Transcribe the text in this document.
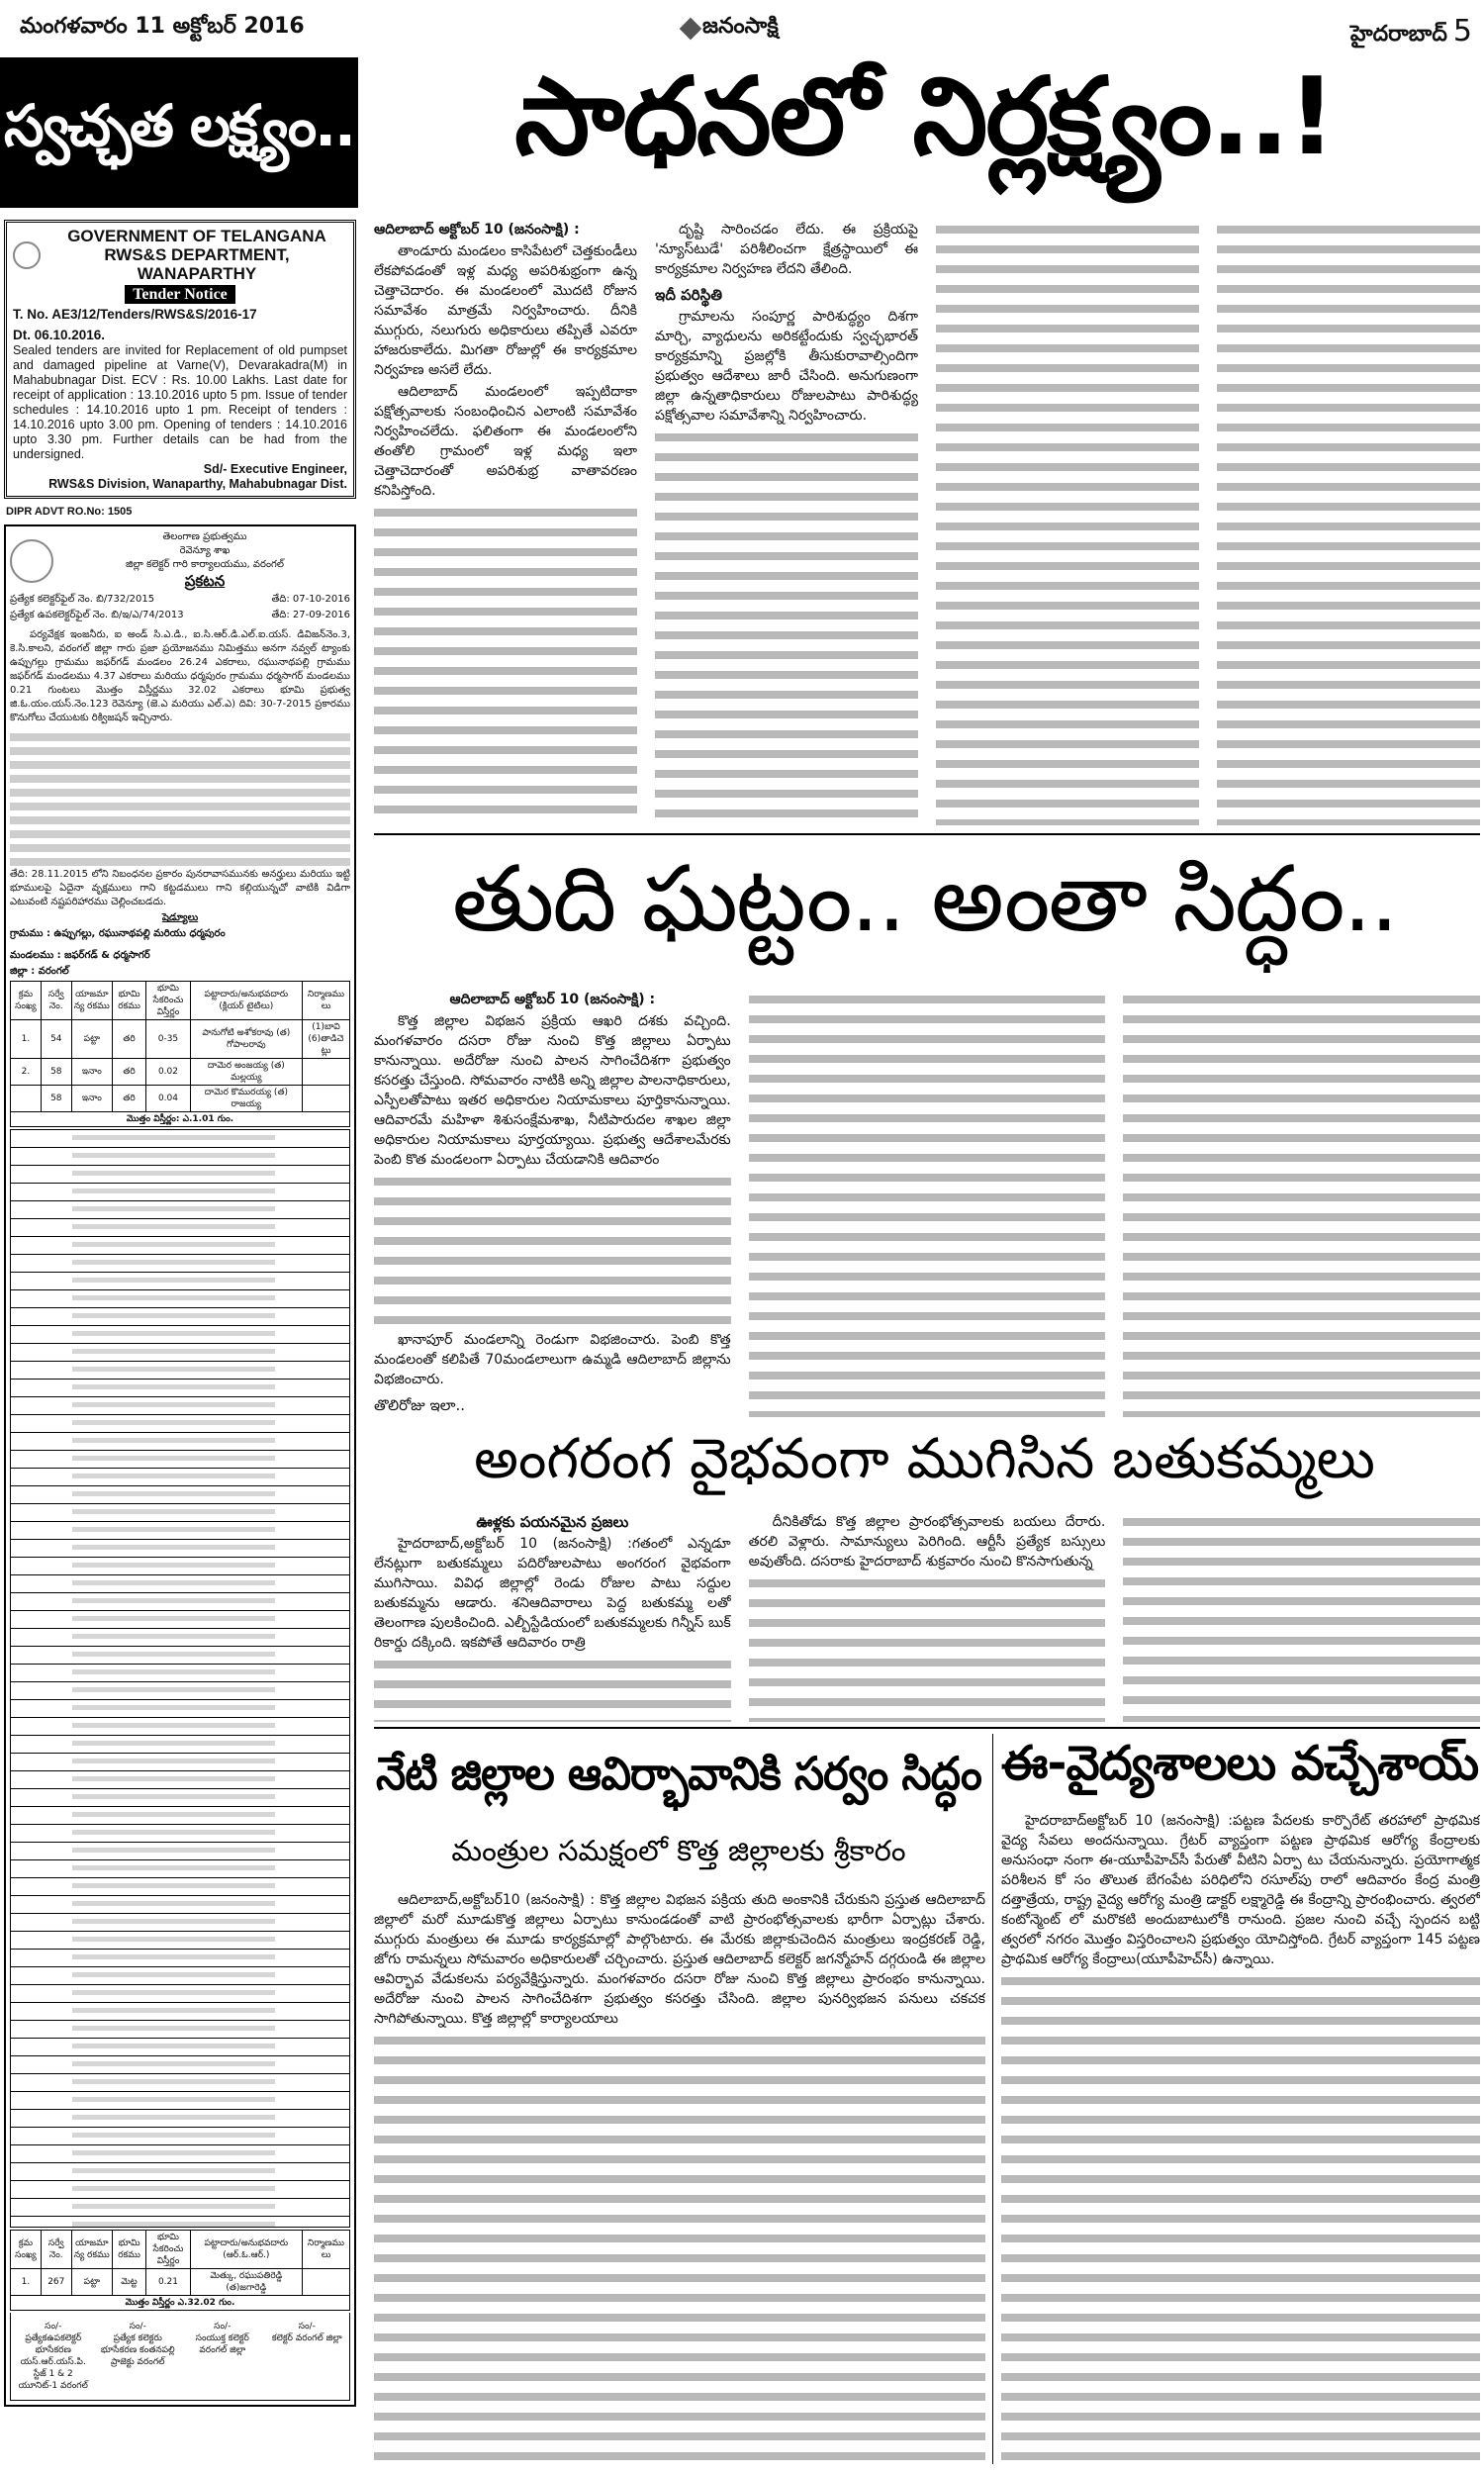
మంగళవారం 11 అక్టోబర్ 2016	జనంసాక్షి	హైదరాబాద్ 5
స్వచ్ఛత లక్ష్యం..
GOVERNMENT OF TELANGANA
RWS&S DEPARTMENT, WANAPARTHY
Tender Notice
T. No. AE3/12/Tenders/RWS&S/2016-17
Dt. 06.10.2016.
Sealed tenders are invited for Replacement of old pumpset and damaged pipeline at Varne(V), Devarakadra(M) in Mahabubnagar Dist. ECV : Rs. 10.00 Lakhs. Last date for receipt of application : 13.10.2016 upto 5 pm. Issue of tender schedules : 14.10.2016 upto 1 pm. Receipt of tenders : 14.10.2016 upto 3.00 pm. Opening of tenders : 14.10.2016 upto 3.30 pm. Further details can be had from the undersigned.
Sd/- Executive Engineer,
RWS&S Division, Wanaparthy, Mahabubnagar Dist.
DIPR ADVT RO.No: 1505
తెలంగాణ ప్రభుత్వము
రెవెన్యూ శాఖ
జిల్లా కలెక్టర్ గారి కార్యాలయము, వరంగల్
ప్రకటన
ప్రత్యేక కలెక్టర్‌ఫైల్ నెం. బి/732/2015	తేది: 07-10-2016
ప్రత్యేక ఉపకలెక్టర్‌ఫైల్ నెం. బి/ఇ/ఎ/74/2013	తేది: 27-09-2016

పర్యవేక్షక ఇంజనీరు, ఐ అండ్ సి.ఎ.డి., ఐ.సి.ఆర్.డి.ఎల్.ఐ.యస్. డివిజన్‌నెం.3, కె.సి.కాలని, వరంగల్ జిల్లా గారు ప్రజా ప్రయోజనము నిమిత్తము అనగా నవ్వల్ ట్యాంకు ఉప్పుగల్లు గ్రామము జఫర్‌గడ్ మండలం 26.24 ఎకరాలు, రఘునాథపల్లి గ్రామము జఫర్‌గడ్ మండలము 4.37 ఎకరాలు మరియు ధర్మపురం గ్రామము ధర్మసాగర్ మండలము 0.21 గుంటలు మొత్తం విస్తీర్ణము 32.02 ఎకరాలు భూమి ప్రభుత్వ జి.ఓ.యం.యస్.నెం.123 రెవెన్యూ (జె.ఎ మరియు ఎల్.ఎ) దివి: 30-7-2015 ప్రకారము కొనుగోలు చేయుటకు రిక్విజషన్ ఇచ్చినారు.

తేది: 28.11.2015 లోని నిబంధనల ప్రకారం పునరావాసమునకు అనర్హులు మరియు ఇట్టి భూములపై ఏదైనా వృక్షములు గాని కట్టడములు గాని కల్గియున్నచో వాటికి విడిగా ఎటువంటి నష్టపరిహారము చెల్లించబడదు.

షెడ్యూలు
గ్రామము : ఉప్పుగల్లు, రఘునాథపల్లి మరియు ధర్మపురం
మండలము : జఫర్‌గడ్ & ధర్మసాగర్
జిల్లా : వరంగల్
క్రమ సంఖ్య	సర్వే నెం.	యాజమాన్య రకము	భూమి రకము	భూమి సేకరించు విస్తీర్ణం	పట్టాదారు/అనుభవదారు (క్లియర్ టైటిలు)	నిర్మాణములు
1.	54	పట్టా	తరి	0-35	పానుగోటి అశోకరావు (త) గోపాలరావు	(1)బావి (6)తాడిచెట్లు
2.	58	ఇనాం	తరి	0.02	దామెర అంజయ్య (త) మల్లయ్య	
	58	ఇనాం	తరి	0.04	దామెర కొమురయ్య (త) రాజయ్య	
మొత్తం విస్తీర్ణం: ఎ.1.01 గుం.						
క్రమ సంఖ్య	సర్వే నెం.	యాజమాన్య రకము	భూమి రకము	భూమి సేకరించు విస్తీర్ణం	పట్టాదారు/అనుభవదారు (ఆర్.ఓ.ఆర్.)	నిర్మాణములు
1.	267	పట్టా	మెట్ట	0.21	మెత్కు, రఘుపతిరెడ్డి (త)జగారెడ్డి	
మొత్తం విస్తీర్ణం ఎ.32.02 గుం.						
సం/-
ప్రత్యేకఉపకలెక్టర్ భూసేకరణ యస్.ఆర్.యస్.పి. స్టేజ్ 1 & 2 యూనిట్-1 వరంగల్
సం/-
ప్రత్యేక కలెక్టరు భూసేకరణ కంతనపల్లి ప్రాజెక్టు వరంగల్
సం/-
సంయుక్త కలెక్టర్ వరంగల్ జిల్లా
సం/-
కలెక్టర్ వరంగల్ జిల్లా
సాధనలో నిర్లక్ష్యం..!

ఆదిలాబాద్ అక్టోబర్ 10 (జనంసాక్షి) :

తాండూరు మండలం కాసిపేటలో చెత్తకుండీలు లేకపోవడంతో ఇళ్ల మధ్య అపరిశుభ్రంగా ఉన్న చెత్తాచెదారం. ఈ మండలంలో మొదటి రోజున సమావేశం మాత్రమే నిర్వహించారు. దీనికి ముగ్గురు, నలుగురు అధికారులు తప్పితే ఎవరూ హాజరుకాలేదు. మిగతా రోజుల్లో ఈ కార్యక్రమాల నిర్వహణ అసలే లేదు.

ఆదిలాబాద్ మండలంలో ఇప్పటిదాకా పక్షోత్సవాలకు సంబంధించిన ఎలాంటి సమావేశం నిర్వహించలేదు. ఫలితంగా ఈ మండలంలోని తంతోలి గ్రామంలో ఇళ్ల మధ్య ఇలా చెత్తాచెదారంతో అపరిశుభ్ర వాతావరణం కనిపిస్తోంది.

దృష్టి సారించడం లేదు. ఈ ప్రక్రియపై 'న్యూస్‌టుడే' పరిశీలించగా క్షేత్రస్థాయిలో ఈ కార్యక్రమాల నిర్వహణ లేదని తేలింది.

ఇదీ పరిస్థితి

గ్రామాలను సంపూర్ణ పారిశుద్ధ్యం దిశగా మార్చి, వ్యాధులను అరికట్టేందుకు స్వచ్ఛభారత్ కార్యక్రమాన్ని ప్రజల్లోకి తీసుకురావాల్సిందిగా ప్రభుత్వం ఆదేశాలు జారీ చేసింది. అనుగుణంగా జిల్లా ఉన్నతాధికారులు రోజులపాటు పారిశుద్ధ్య పక్షోత్సవాల సమావేశాన్ని నిర్వహించారు.

తుది ఘట్టం.. అంతా సిద్ధం..

ఆదిలాబాద్ అక్టోబర్ 10 (జనంసాక్షి) :

కొత్త జిల్లాల విభజన ప్రక్రియ ఆఖరి దశకు వచ్చింది. మంగళవారం దసరా రోజు నుంచి కొత్త జిల్లాలు ఏర్పాటు కానున్నాయి. అదేరోజు నుంచి పాలన సాగించేదిశగా ప్రభుత్వం కసరత్తు చేస్తుంది. సోమవారం నాటికి అన్ని జిల్లాల పాలనాధికారులు, ఎస్పీలతోపాటు ఇతర అధికారుల నియామకాలు పూర్తికానున్నాయి. ఆదివారమే మహిళా శిశుసంక్షేమశాఖ, నీటిపారుదల శాఖల జిల్లా అధికారుల నియామకాలు పూర్తయ్యాయి. ప్రభుత్వ ఆదేశాలమేరకు పెంబి కొత మండలంగా ఏర్పాటు చేయడానికి ఆదివారం

ఖానాపూర్ మండలాన్ని రెండుగా విభజించారు. పెంబి కొత్త మండలంతో కలిపితే 70మండలాలుగా ఉమ్మడి ఆదిలాబాద్ జిల్లాను విభజించారు.

తొలిరోజు ఇలా..
అంగరంగ వైభవంగా ముగిసిన బతుకమ్మలు
ఊళ్లకు పయనమైన ప్రజలు

హైదరాబాద్,అక్టోబర్ 10 (జనంసాక్షి) :గతంలో ఎన్నడూ లేనట్లుగా బతుకమ్మలు పదిరోజులపాటు అంగరంగ వైభవంగా ముగిసాయి. వివిధ జిల్లాల్లో రెండు రోజుల పాటు సద్దుల బతుకమ్మను ఆడారు. శనిఆదివారాలు పెద్ద బతుకమ్మ లతో తెలంగాణ పులకించింది. ఎల్బీస్టేడియంలో బతుకమ్మలకు గిన్నీస్ బుక్ రికార్డు దక్కింది. ఇకపోతే ఆదివారం రాత్రి

దీనికితోడు కొత్త జిల్లాల ప్రారంభోత్సవాలకు బయలు దేరారు. తరలి వెళ్లారు. సామాన్యులు పెరిగింది. ఆర్టీసీ ప్రత్యేక బస్సులు అవుతోంది. దసరాకు హైదరాబాద్ శుక్రవారం నుంచి కొనసాగుతున్న

నేటి జిల్లాల ఆవిర్భావానికి సర్వం సిద్ధం
మంత్రుల సమక్షంలో కొత్త జిల్లాలకు శ్రీకారం

ఆదిలాబాద్,అక్టోబర్10 (జనంసాక్షి) : కొత్త జిల్లాల విభజన పక్రియ తుది అంకానికి చేరుకుని ప్రస్తుత ఆదిలాబాద్ జిల్లాలో మరో మూడుకొత్త జిల్లాలు ఏర్పాటు కానుండడంతో వాటి ప్రారంభోత్సవాలకు భారీగా ఏర్పాట్లు చేశారు. ముగ్గురు మంత్రులు ఈ మూడు కార్యక్రమాల్లో పాల్గొంటారు. ఈ మేరకు జిల్లాకుచెందిన మంత్రులు ఇంద్రకరణ్ రెడ్డి, జోగు రామన్నలు సోమవారం అధికారులతో చర్చించారు. ప్రస్తుత ఆదిలాబాద్ కలెక్టర్ జగన్మోహన్ దగ్గరుండి ఈ జిల్లాల ఆవిర్భావ వేడుకలను పర్యవేక్షిస్తున్నారు. మంగళవారం దసరా రోజు నుంచి కొత్త జిల్లాలు ప్రారంభం కానున్నాయి. అదేరోజు నుంచి పాలన సాగించేదిశగా ప్రభుత్వం కసరత్తు చేసింది. జిల్లాల పునర్విభజన పనులు చకచక సాగిపోతున్నాయి. కొత్త జిల్లాల్లో కార్యాలయాలు

ఈ-వైద్యశాలలు వచ్చేశాయ్

హైదరాబాద్అక్టోబర్ 10 (జనంసాక్షి) :పట్టణ పేదలకు కార్పొరేట్ తరహాలో ప్రాథమిక వైద్య సేవలు అందనున్నాయి. గ్రేటర్ వ్యాప్తంగా పట్టణ ప్రాథమిక ఆరోగ్య కేంద్రాలకు అనుసంధా నంగా ఈ-యూపీహెచ్‌సీ పేరుతో వీటిని ఏర్పా టు చేయనున్నారు. ప్రయోగాత్మక పరిశీలన కో సం తొలుత బేగంపేట పరిధిలోని రసూల్‌పు రాలో ఆదివారం కేంద్ర మంత్రి దత్తాత్రేయ, రాష్ట్ర వైద్య ఆరోగ్య మంత్రి డాక్టర్ లక్ష్మారెడ్డి ఈ కేంద్రాన్ని ప్రారంభించారు. త్వరలో కంటోన్మెంట్ లో మరొకటి అందుబాటులోకి రానుంది. ప్రజల నుంచి వచ్చే స్పందన బట్టి త్వరలో నగరం మొత్తం విస్తరించాలని ప్రభుత్వం యోచిస్తోంది. గ్రేటర్ వ్యాప్తంగా 145 పట్టణ ప్రాథమిక ఆరోగ్య కేంద్రాలు(యూపీహెచ్‌సీ) ఉన్నాయి.
